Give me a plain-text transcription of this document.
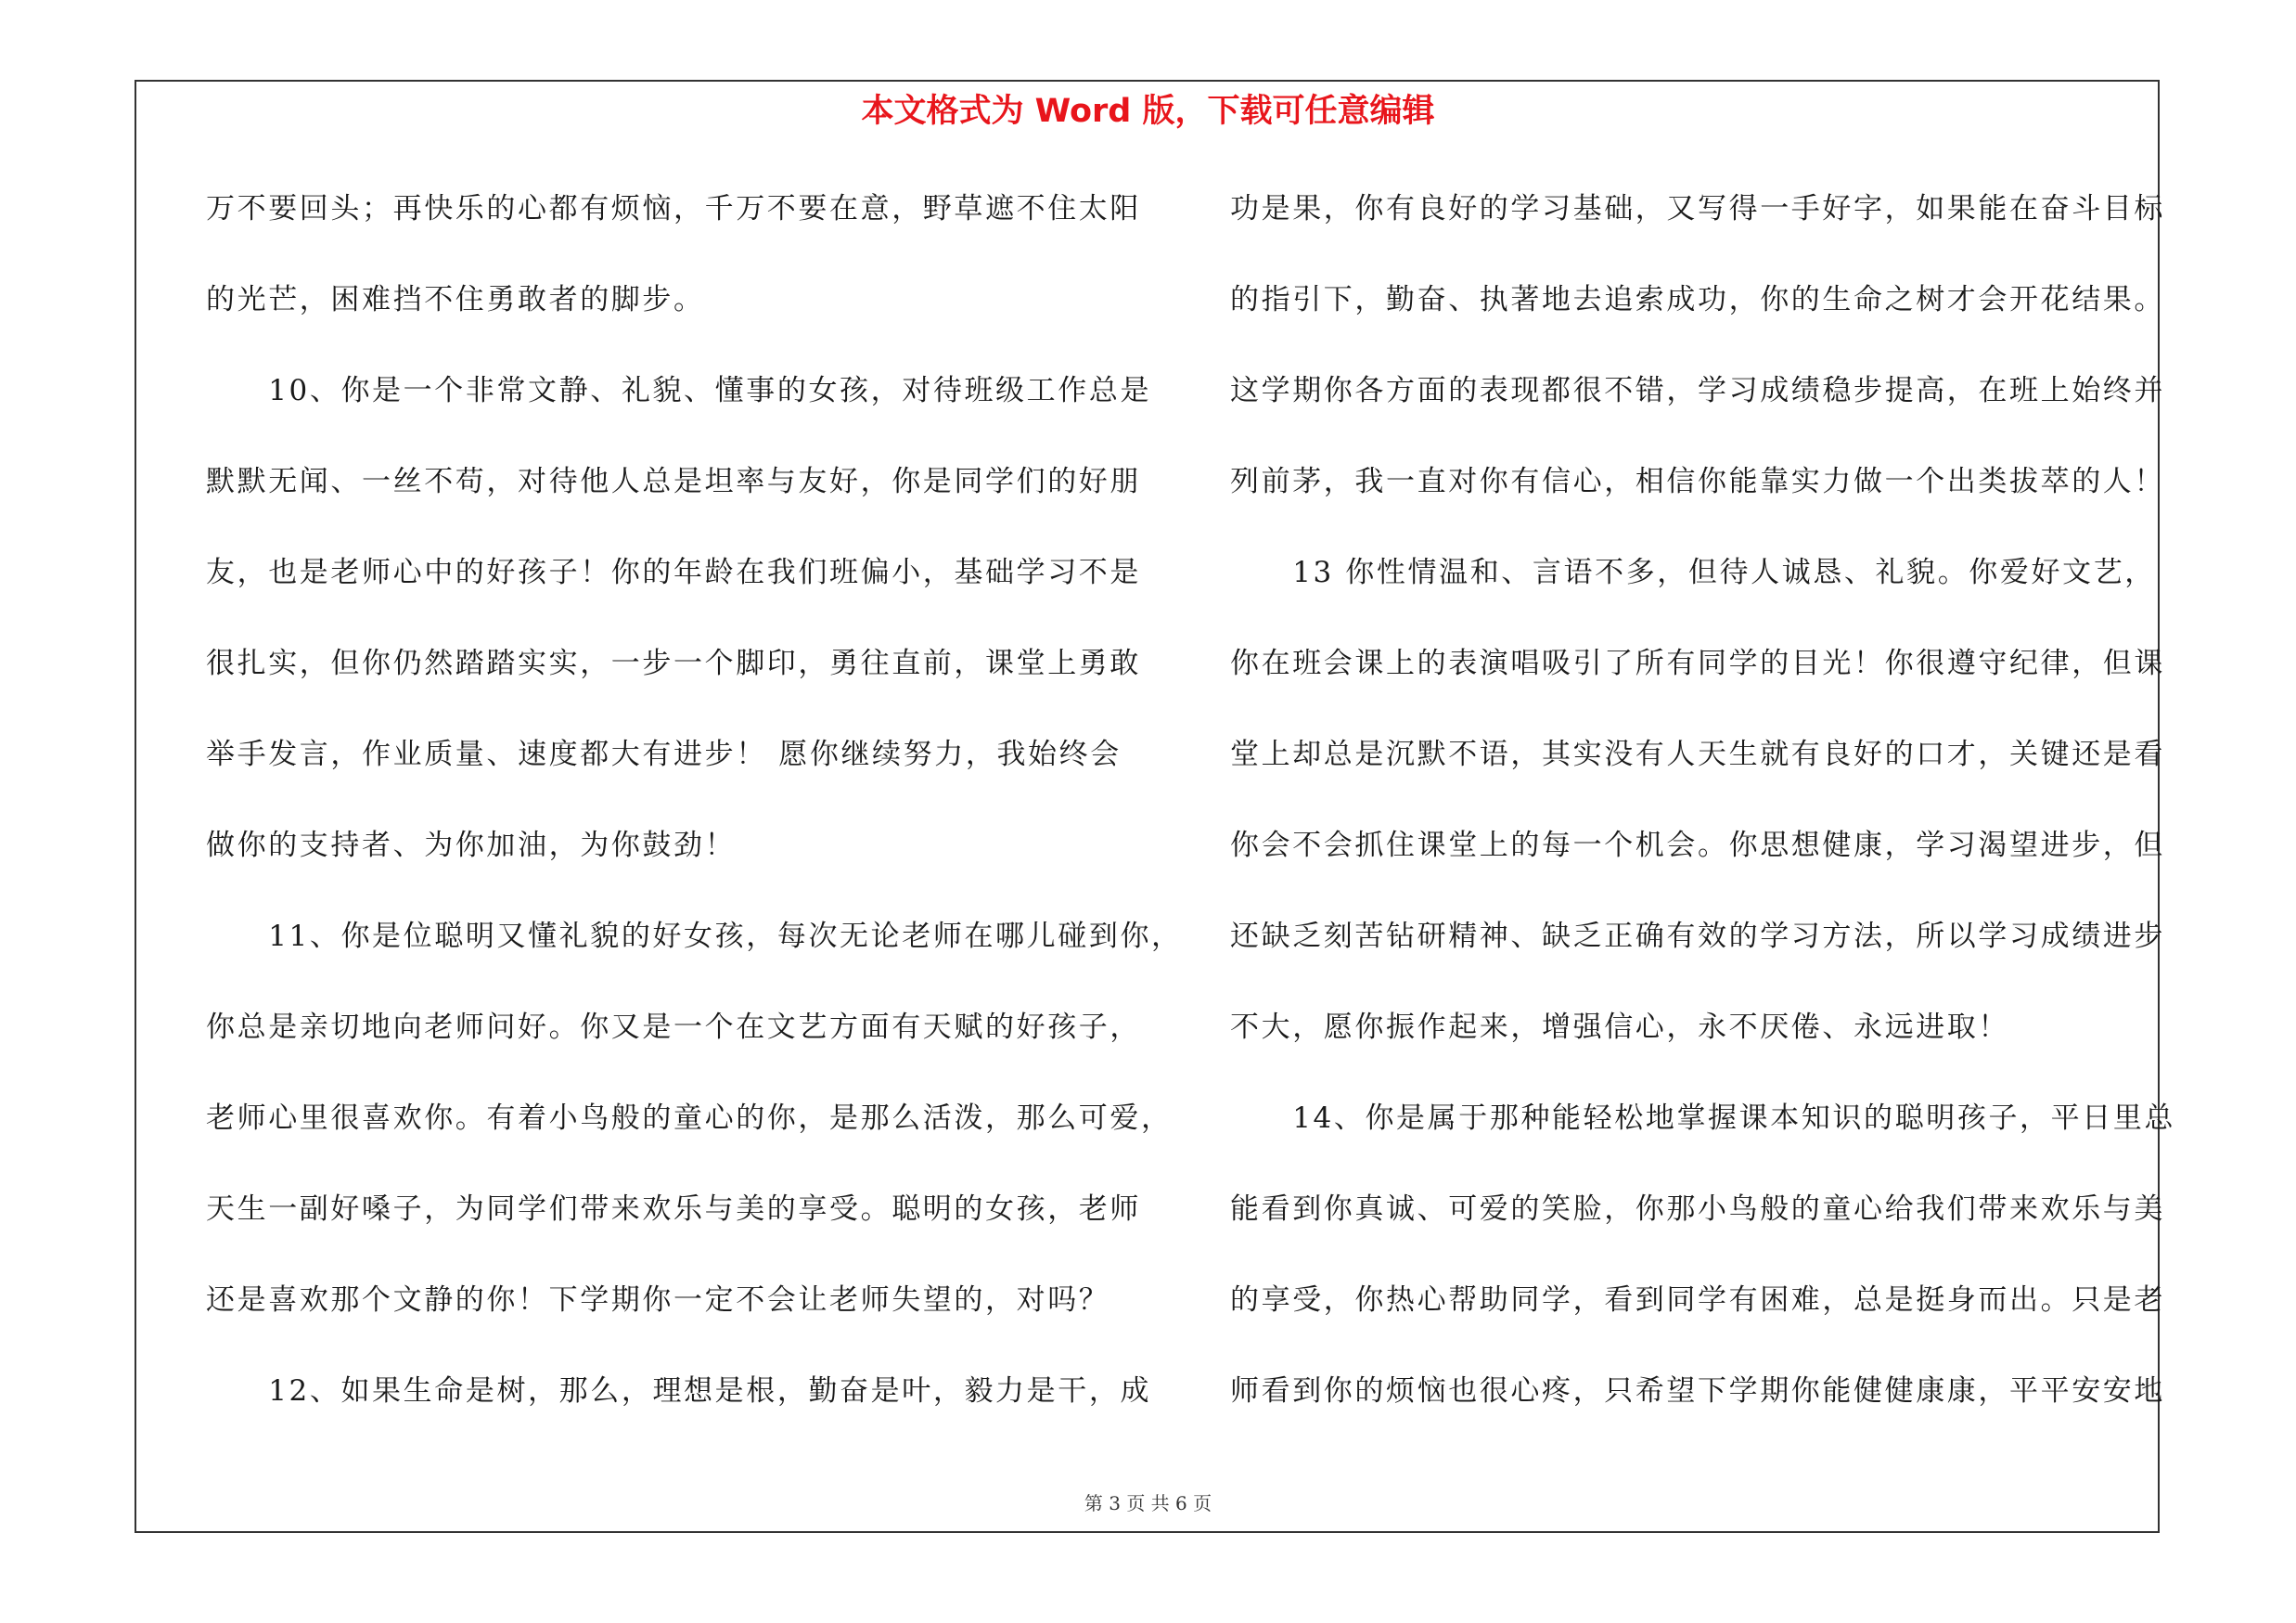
本文格式为 Word 版，下载可任意编辑
万不要回头；再快乐的心都有烦恼，千万不要在意，野草遮不住太阳
的光芒，困难挡不住勇敢者的脚步。
　　10、你是一个非常文静、礼貌、懂事的女孩，对待班级工作总是
默默无闻、一丝不苟，对待他人总是坦率与友好，你是同学们的好朋
友，也是老师心中的好孩子！你的年龄在我们班偏小，基础学习不是
很扎实，但你仍然踏踏实实，一步一个脚印，勇往直前，课堂上勇敢
举手发言，作业质量、速度都大有进步！ 愿你继续努力，我始终会
做你的支持者、为你加油，为你鼓劲！
　　11、你是位聪明又懂礼貌的好女孩，每次无论老师在哪儿碰到你，
你总是亲切地向老师问好。你又是一个在文艺方面有天赋的好孩子，
老师心里很喜欢你。有着小鸟般的童心的你，是那么活泼，那么可爱，
天生一副好嗓子，为同学们带来欢乐与美的享受。聪明的女孩，老师
还是喜欢那个文静的你！下学期你一定不会让老师失望的，对吗？
　　12、如果生命是树，那么，理想是根，勤奋是叶，毅力是干，成
功是果，你有良好的学习基础，又写得一手好字，如果能在奋斗目标
的指引下，勤奋、执著地去追索成功，你的生命之树才会开花结果。
这学期你各方面的表现都很不错，学习成绩稳步提高，在班上始终并
列前茅，我一直对你有信心，相信你能靠实力做一个出类拔萃的人！
　　13 你性情温和、言语不多，但待人诚恳、礼貌。你爱好文艺，
你在班会课上的表演唱吸引了所有同学的目光！你很遵守纪律，但课
堂上却总是沉默不语，其实没有人天生就有良好的口才，关键还是看
你会不会抓住课堂上的每一个机会。你思想健康，学习渴望进步，但
还缺乏刻苦钻研精神、缺乏正确有效的学习方法，所以学习成绩进步
不大，愿你振作起来，增强信心，永不厌倦、永远进取！
　　14、你是属于那种能轻松地掌握课本知识的聪明孩子，平日里总
能看到你真诚、可爱的笑脸，你那小鸟般的童心给我们带来欢乐与美
的享受，你热心帮助同学，看到同学有困难，总是挺身而出。只是老
师看到你的烦恼也很心疼，只希望下学期你能健健康康，平平安安地
第 3 页 共 6 页
